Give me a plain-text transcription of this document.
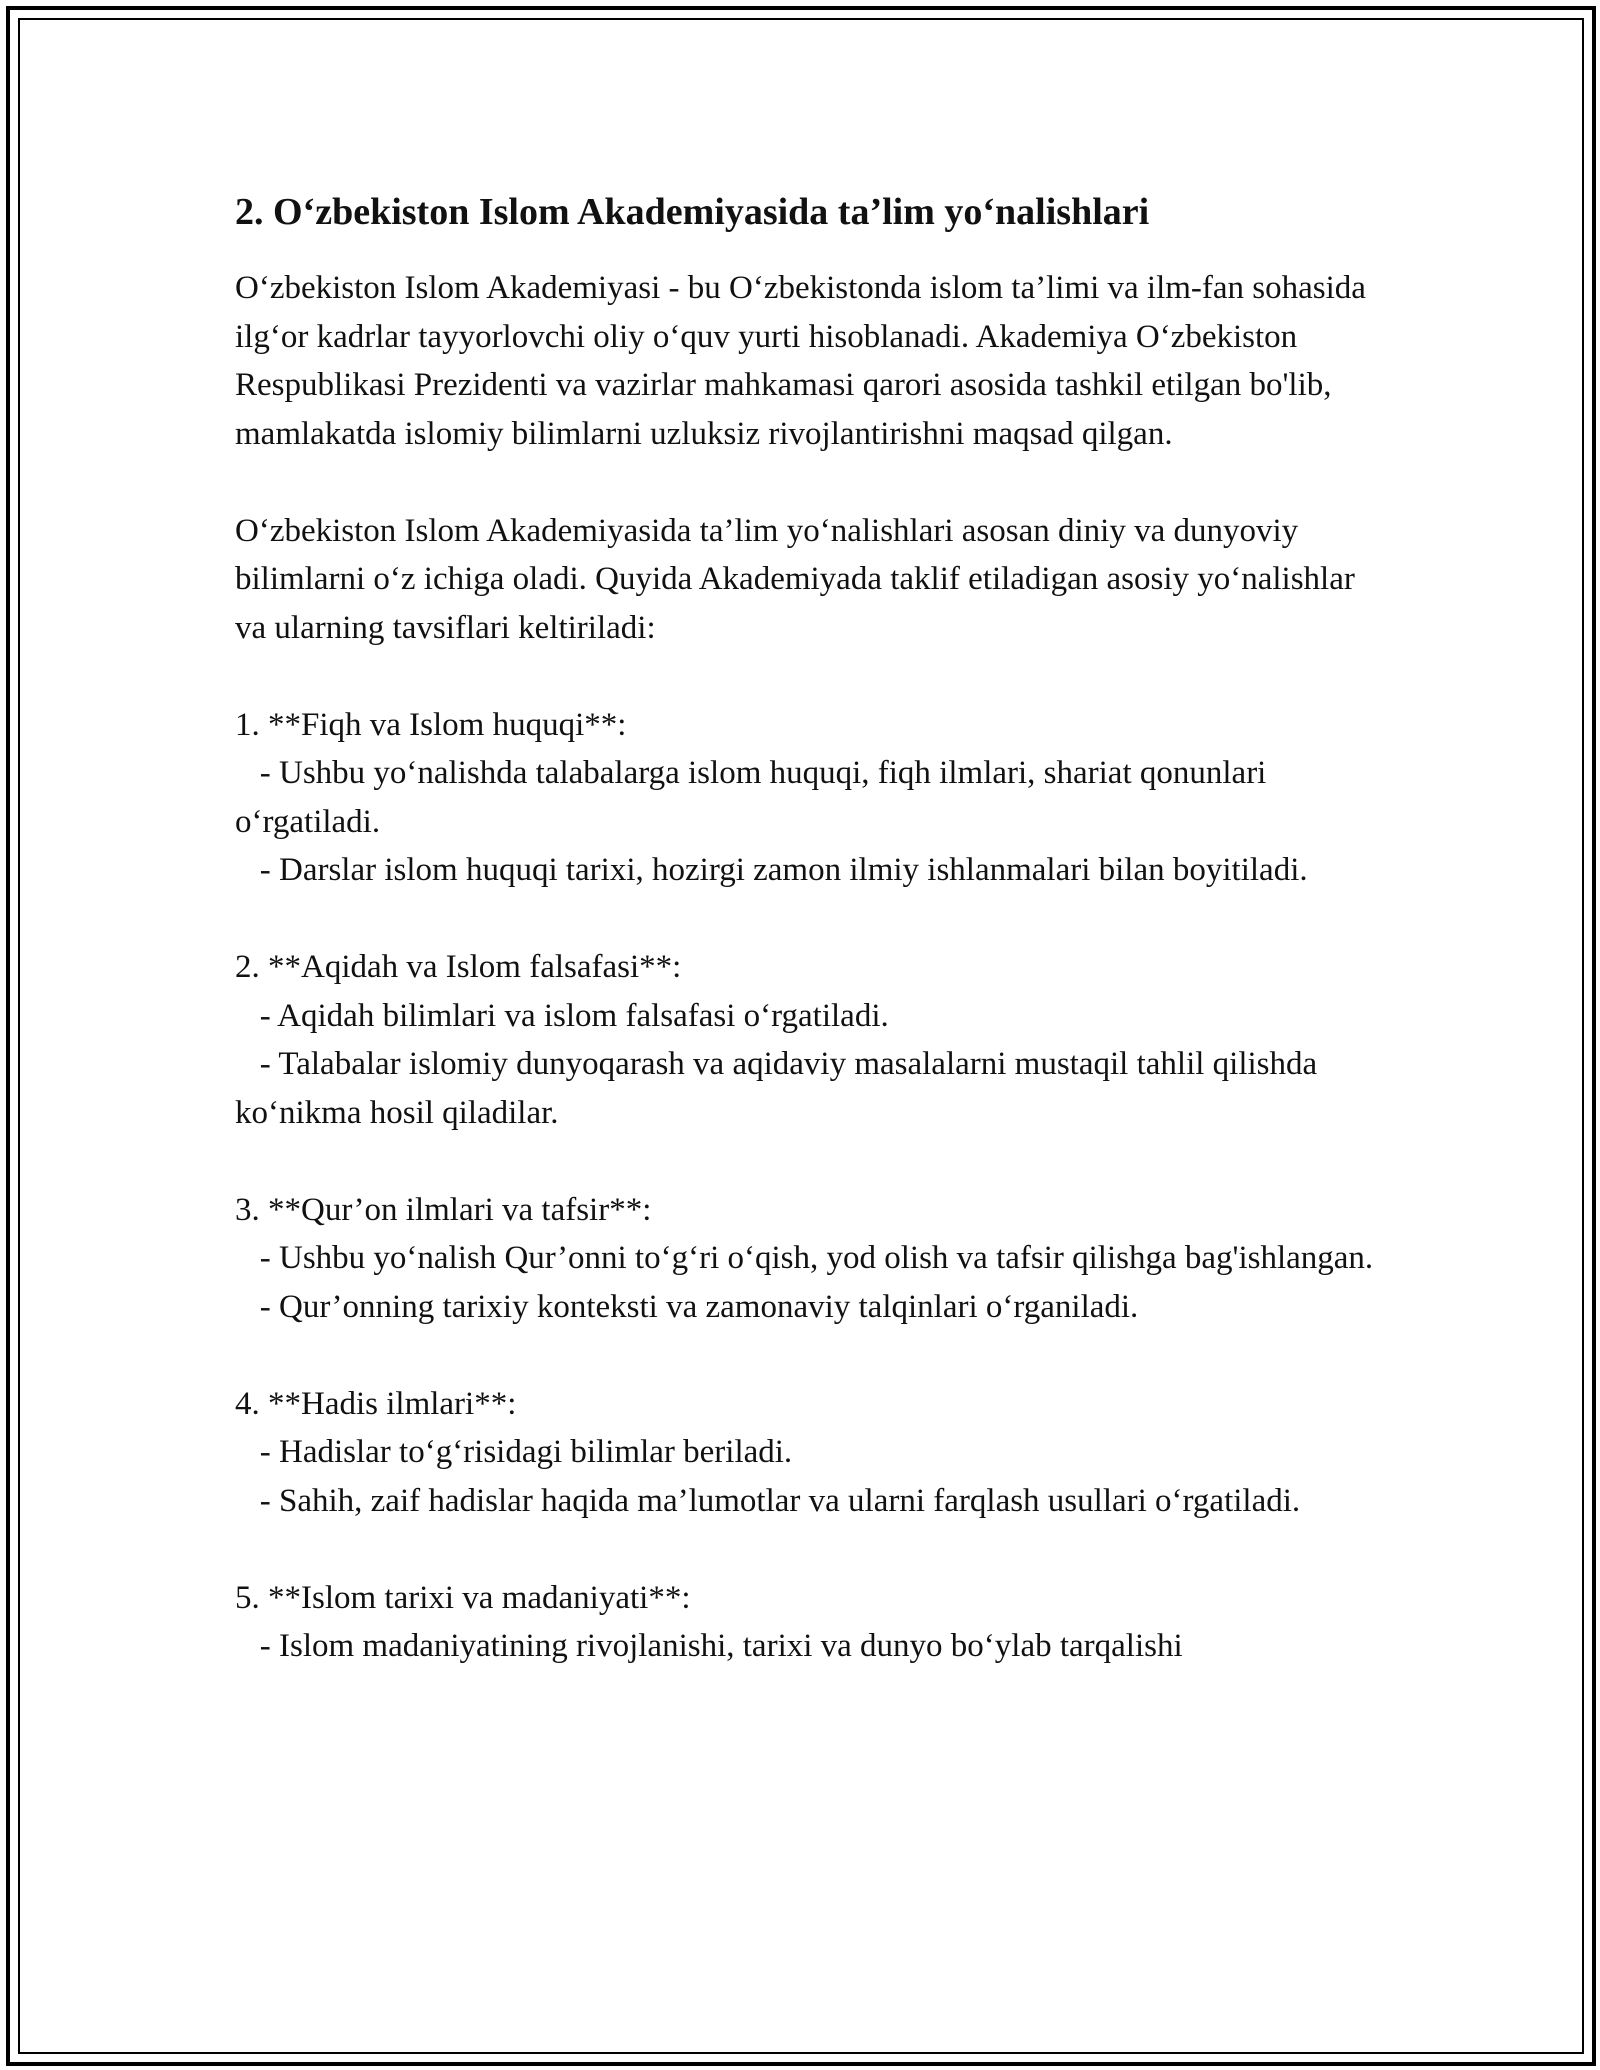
2. O‘zbekiston Islom Akademiyasida ta’lim yo‘nalishlari

O‘zbekiston Islom Akademiyasi - bu O‘zbekistonda islom ta’limi va ilm-fan sohasida ilg‘or kadrlar tayyorlovchi oliy o‘quv yurti hisoblanadi. Akademiya O‘zbekiston Respublikasi Prezidenti va vazirlar mahkamasi qarori asosida tashkil etilgan bo'lib, mamlakatda islomiy bilimlarni uzluksiz rivojlantirishni maqsad qilgan.

O‘zbekiston Islom Akademiyasida ta’lim yo‘nalishlari asosan diniy va dunyoviy bilimlarni o‘z ichiga oladi. Quyida Akademiyada taklif etiladigan asosiy yo‘nalishlar va ularning tavsiflari keltiriladi:

1. **Fiqh va Islom huquqi**:

- Ushbu yo‘nalishda talabalarga islom huquqi, fiqh ilmlari, shariat qonunlari o‘rgatiladi.

- Darslar islom huquqi tarixi, hozirgi zamon ilmiy ishlanmalari bilan boyitiladi.

2. **Aqidah va Islom falsafasi**:

- Aqidah bilimlari va islom falsafasi o‘rgatiladi.

- Talabalar islomiy dunyoqarash va aqidaviy masalalarni mustaqil tahlil qilishda ko‘nikma hosil qiladilar.

3. **Qur’on ilmlari va tafsir**:

- Ushbu yo‘nalish Qur’onni to‘g‘ri o‘qish, yod olish va tafsir qilishga bag'ishlangan.

- Qur’onning tarixiy konteksti va zamonaviy talqinlari o‘rganiladi.

4. **Hadis ilmlari**:

- Hadislar to‘g‘risidagi bilimlar beriladi.

- Sahih, zaif hadislar haqida ma’lumotlar va ularni farqlash usullari o‘rgatiladi.

5. **Islom tarixi va madaniyati**:

- Islom madaniyatining rivojlanishi, tarixi va dunyo bo‘ylab tarqalishi
